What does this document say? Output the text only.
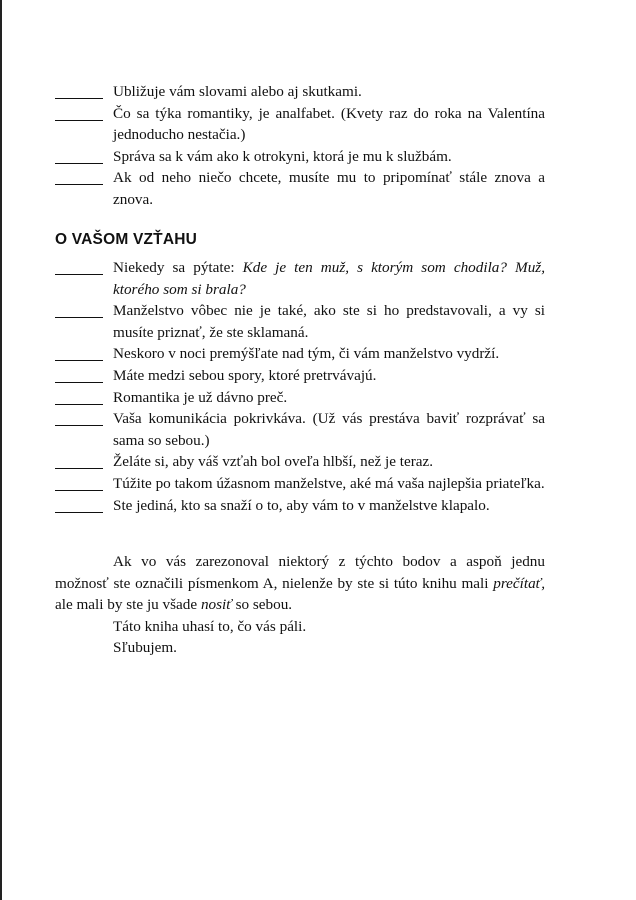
Ubližuje vám slovami alebo aj skutkami.
Čo sa týka romantiky, je analfabet. (Kvety raz do roka na Valentína jednoducho nestačia.)
Správa sa k vám ako k otrokyni, ktorá je mu k službám.
Ak od neho niečo chcete, musíte mu to pripomínať stále znova a znova.
O VAŠOM VZŤAHU
Niekedy sa pýtate: Kde je ten muž, s ktorým som chodila? Muž, ktorého som si brala?
Manželstvo vôbec nie je také, ako ste si ho predstavovali, a vy si musíte priznať, že ste sklamaná.
Neskoro v noci premýšľate nad tým, či vám manželstvo vydrží.
Máte medzi sebou spory, ktoré pretrvávajú.
Romantika je už dávno preč.
Vaša komunikácia pokrivkáva. (Už vás prestáva baviť rozprávať sa sama so sebou.)
Želáte si, aby váš vzťah bol oveľa hlbší, než je teraz.
Túžite po takom úžasnom manželstve, aké má vaša najlepšia priateľka.
Ste jediná, kto sa snaží o to, aby vám to v manželstve klapalo.

Ak vo vás zarezonoval niektorý z týchto bodov a aspoň jednu možnosť ste označili písmenkom A, nielenže by ste si túto knihu mali prečítať, ale mali by ste ju všade nosiť so sebou.

Táto kniha uhasí to, čo vás páli.

Sľubujem.
